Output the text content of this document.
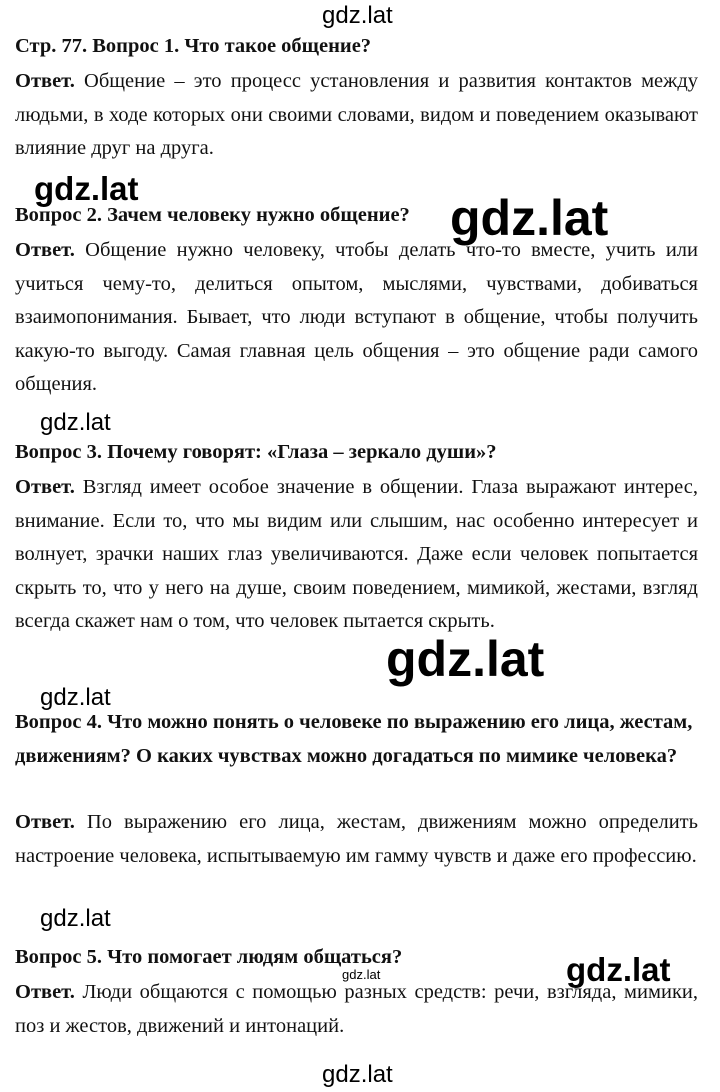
Стр. 77. Вопрос 1. Что такое общение?

Ответ. Общение – это процесс установления и развития контактов между людьми, в ходе которых они своими словами, видом и поведением оказывают влияние друг на друга.

Вопрос 2. Зачем человеку нужно общение?

Ответ. Общение нужно человеку, чтобы делать что-то вместе, учить или учиться чему-то, делиться опытом, мыслями, чувствами, добиваться взаимопонимания. Бывает, что люди вступают в общение, чтобы получить какую-то выгоду. Самая главная цель общения – это общение ради самого общения.

Вопрос 3. Почему говорят: «Глаза – зеркало души»?

Ответ. Взгляд имеет особое значение в общении. Глаза выражают интерес, внимание. Если то, что мы видим или слышим, нас особенно интересует и волнует, зрачки наших глаз увеличиваются. Даже если человек попытается скрыть то, что у него на душе, своим поведением, мимикой, жестами, взгляд всегда скажет нам о том, что человек пытается скрыть.

Вопрос 4. Что можно понять о человеке по выражению его лица, жестам, движениям? О каких чувствах можно догадаться по мимике человека?

Ответ. По выражению его лица, жестам, движениям можно определить настроение человека, испытываемую им гамму чувств и даже его профессию.

Вопрос 5. Что помогает людям общаться?

Ответ. Люди общаются с помощью разных средств: речи, взгляда, мимики, поз и жестов, движений и интонаций.

gdz.lat
gdz.lat
gdz.lat
gdz.lat
gdz.lat
gdz.lat
gdz.lat
gdz.lat	gdz.lat
gdz.lat
